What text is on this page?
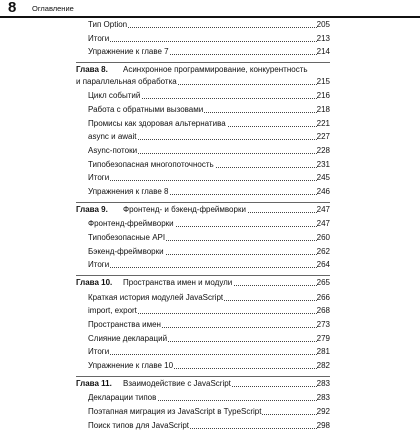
8 Оглавление
Тип Option	205
Итоги	213
Упражнение к главе 7	214
Глава 8. Асинхронное программирование, конкурентность
и параллельная обработка	215
Цикл событий	216
Работа с обратными вызовами	218
Промисы как здоровая альтернатива	221
async и await	227
Async-потоки	228
Типобезопасная многопоточность	231
Итоги	245
Упражнения к главе 8	246
Глава 9. Фронтенд- и бэкенд-фреймворки	247
Фронтенд-фреймворки	247
Типобезопасные API	260
Бэкенд-фреймворки	262
Итоги	264
Глава 10. Пространства имен и модули	265
Краткая история модулей JavaScript	266
import, export	268
Пространства имен	273
Слияние деклараций	279
Итоги	281
Упражнение к главе 10	282
Глава 11. Взаимодействие с JavaScript	283
Декларации типов	283
Поэтапная миграция из JavaScript в TypeScript	292
Поиск типов для JavaScript	298
